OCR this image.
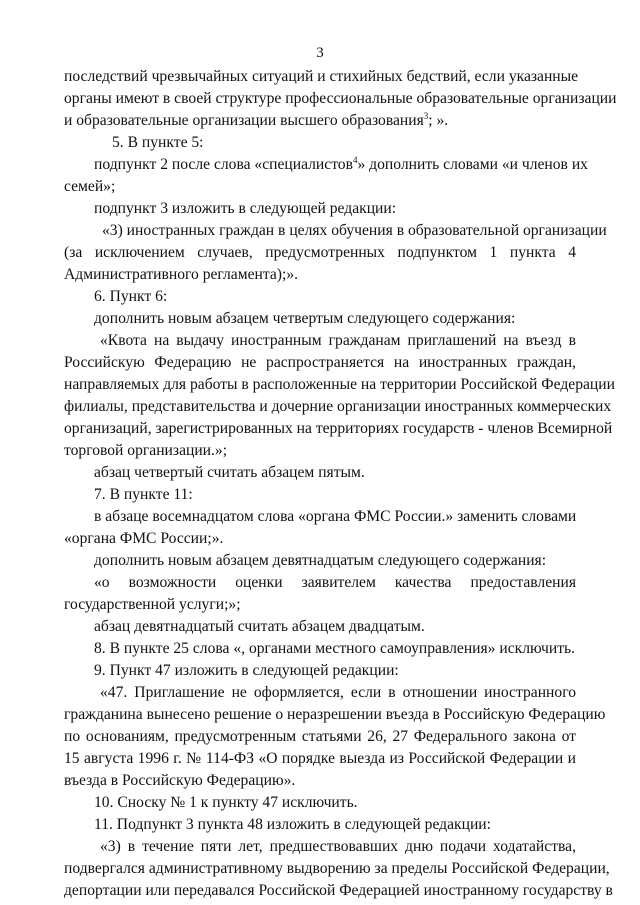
3
последствий чрезвычайных ситуаций и стихийных бедствий, если указанные
органы имеют в своей структуре профессиональные образовательные организации
и образовательные организации высшего образования$^3$; ».
5. В пункте 5:
подпункт 2 после слова «специалистов$^4$» дополнить словами «и членов их
семей»;
подпункт 3 изложить в следующей редакции:
«3) иностранных граждан в целях обучения в образовательной организации
(за исключением случаев, предусмотренных подпунктом 1 пункта 4
Административного регламента);».
6. Пункт 6:
дополнить новым абзацем четвертым следующего содержания:
«Квота на выдачу иностранным гражданам приглашений на въезд в
Российскую Федерацию не распространяется на иностранных граждан,
направляемых для работы в расположенные на территории Российской Федерации
филиалы, представительства и дочерние организации иностранных коммерческих
организаций, зарегистрированных на территориях государств - членов Всемирной
торговой организации.»;
абзац четвертый считать абзацем пятым.
7. В пункте 11:
в абзаце восемнадцатом слова «органа ФМС России.» заменить словами
«органа ФМС России;».
дополнить новым абзацем девятнадцатым следующего содержания:
«о возможности оценки заявителем качества предоставления
государственной услуги;»;
абзац девятнадцатый считать абзацем двадцатым.
8. В пункте 25 слова «, органами местного самоуправления» исключить.
9. Пункт 47 изложить в следующей редакции:
«47. Приглашение не оформляется, если в отношении иностранного
гражданина вынесено решение о неразрешении въезда в Российскую Федерацию
по основаниям, предусмотренным статьями 26, 27 Федерального закона от
15 августа 1996 г. № 114-ФЗ «О порядке выезда из Российской Федерации и
въезда в Российскую Федерацию».
10. Сноску № 1 к пункту 47 исключить.
11. Подпункт 3 пункта 48 изложить в следующей редакции:
«3) в течение пяти лет, предшествовавших дню подачи ходатайства,
подвергался административному выдворению за пределы Российской Федерации,
депортации или передавался Российской Федерацией иностранному государству в
